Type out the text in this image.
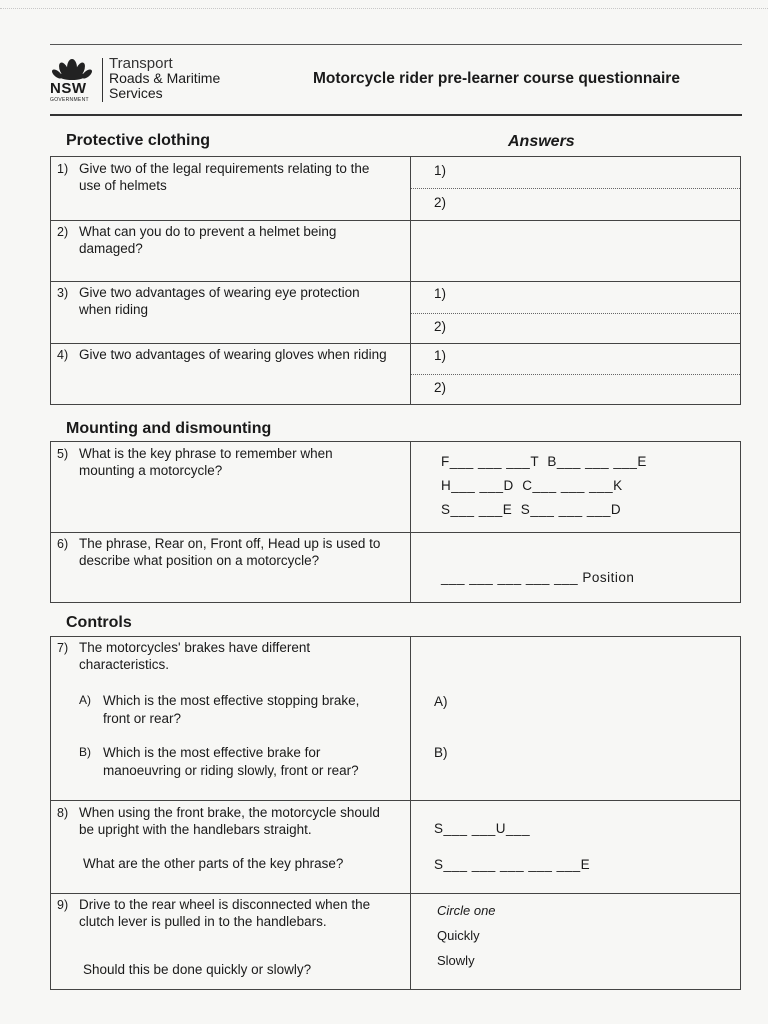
NSW
GOVERNMENT
Transport
Roads & Maritime
Services
Motorcycle rider pre-learner course questionnaire
Protective clothing	Answers
1) Give two of the legal requirements relating to the use of helmets
1)
2)
2) What can you do to prevent a helmet being damaged?
3) Give two advantages of wearing eye protection when riding
1)
2)
4) Give two advantages of wearing gloves when riding	1)
2)
Mounting and dismounting
5) What is the key phrase to remember when mounting a motorcycle?
F___ ___ ___T  B___ ___ ___E
H___ ___D  C___ ___ ___K
S___ ___E  S___ ___ ___D
6) The phrase, Rear on, Front off, Head up is used to describe what position on a motorcycle?
___ ___ ___ ___ ___ Position
Controls
7) The motorcycles' brakes have different characteristics.
A) Which is the most effective stopping brake, front or rear?
B) Which is the most effective brake for manoeuvring or riding slowly, front or rear?
A)
B)
8) When using the front brake, the motorcycle should be upright with the handlebars straight.
What are the other parts of the key phrase?
S___ ___U___
S___ ___ ___ ___ ___E
9) Drive to the rear wheel is disconnected when the clutch lever is pulled in to the handlebars.
Should this be done quickly or slowly?
Circle one
Quickly
Slowly
